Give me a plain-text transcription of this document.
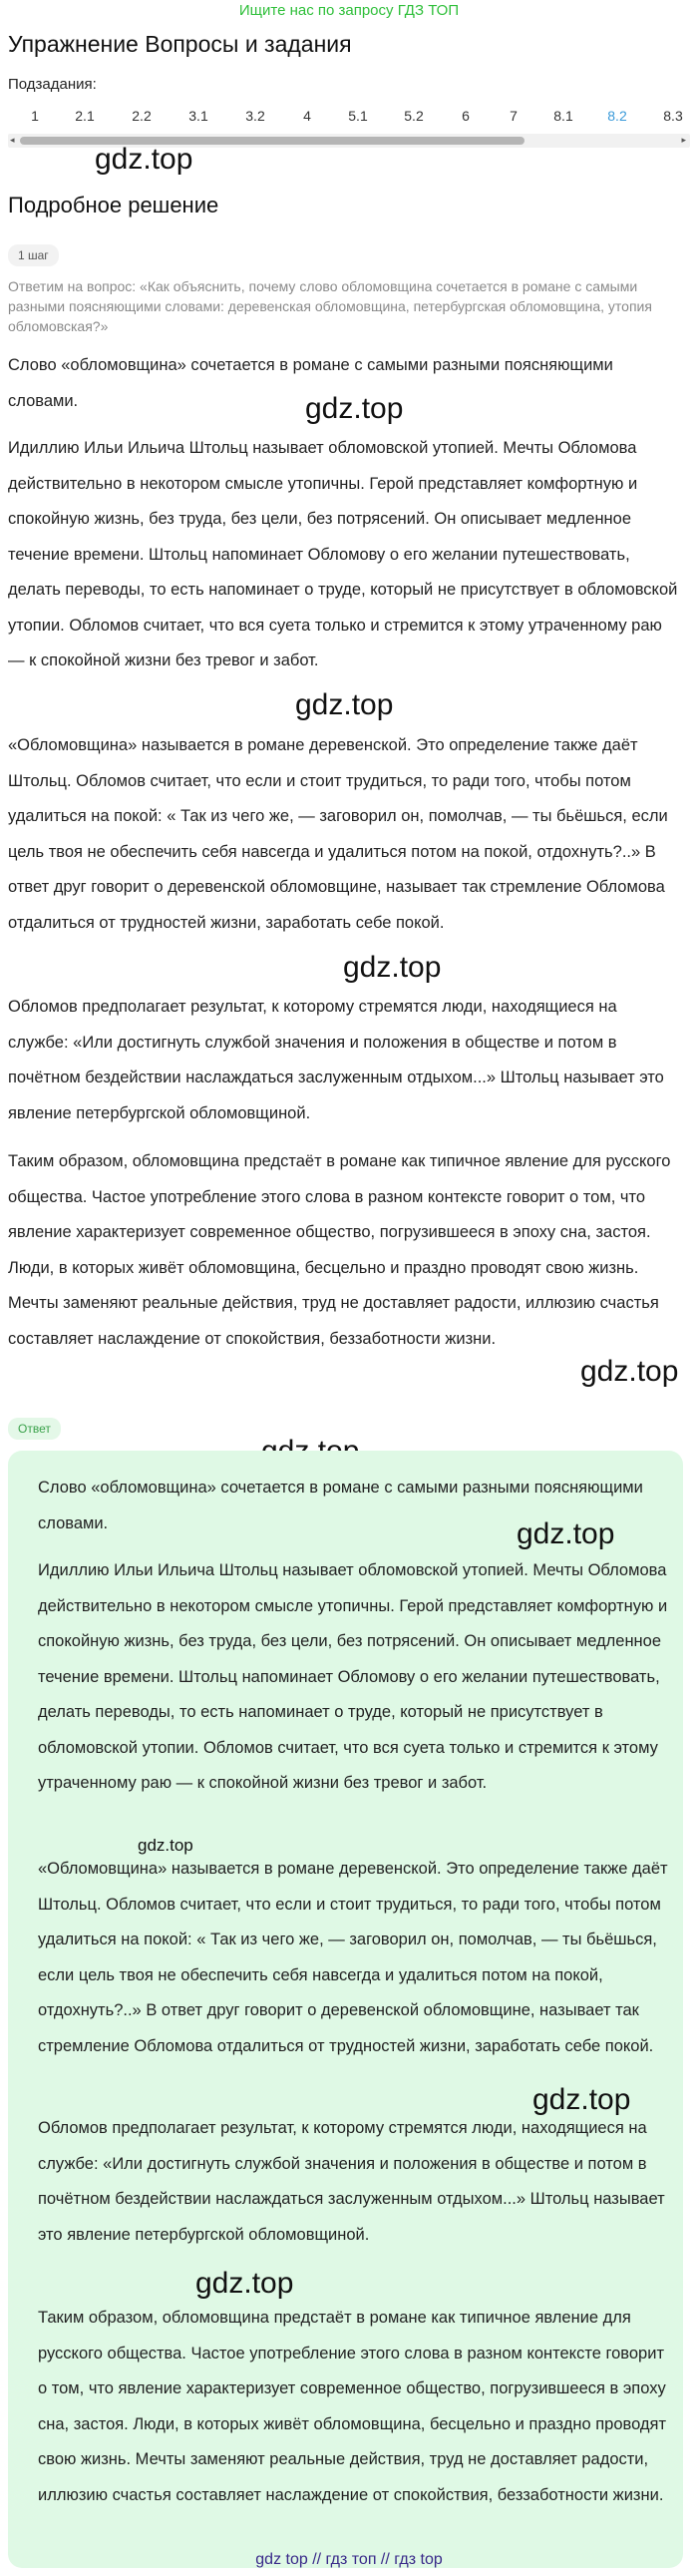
Ищите нас по запросу ГДЗ ТОП
Упражнение Вопросы и задания
Подзадания:
1	2.1	2.2	3.1	3.2	4	5.1	5.2	6	7	8.1	8.2	8.3
◂	▸
gdz.top
Подробное решение
1 шаг
Ответим на вопрос: «Как объяснить, почему слово обломовщина сочетается в романе с самыми разными поясняющими словами: деревенская обломовщина, петербургская обломовщина, утопия обломовская?»

Слово «обломовщина» сочетается в романе с самыми разными поясняющими словами.	gdz.top

Идиллию Ильи Ильича Штольц называет обломовской утопией. Мечты Обломова действительно в некотором смысле утопичны. Герой представляет комфортную и спокойную жизнь, без труда, без цели, без потрясений. Он описывает медленное течение времени. Штольц напоминает Обломову о его желании путешествовать, делать переводы, то есть напоминает о труде, который не присутствует в обломовской утопии. Обломов считает, что вся суета только и стремится к этому утраченному раю — к спокойной жизни без тревог и забот.

gdz.top

«Обломовщина» называется в романе деревенской. Это определение также даёт Штольц. Обломов считает, что если и стоит трудиться, то ради того, чтобы потом удалиться на покой: « Так из чего же, — заговорил он, помолчав, — ты бьёшься, если цель твоя не обеспечить себя навсегда и удалиться потом на покой, отдохнуть?..» В ответ друг говорит о деревенской обломовщине, называет так стремление Обломова отдалиться от трудностей жизни, заработать себе покой.

gdz.top

Обломов предполагает результат, к которому стремятся люди, находящиеся на службе: «Или достигнуть службой значения и положения в обществе и потом в почётном бездействии наслаждаться заслуженным отдыхом...» Штольц называет это явление петербургской обломовщиной.

Таким образом, обломовщина предстаёт в романе как типичное явление для русского общества. Частое употребление этого слова в разном контексте говорит о том, что явление характеризует современное общество, погрузившееся в эпоху сна, застоя. Люди, в которых живёт обломовщина, бесцельно и праздно проводят свою жизнь. Мечты заменяют реальные действия, труд не доставляет радости, иллюзию счастья составляет наслаждение от спокойствия, беззаботности жизни.

gdz.top
Ответ

Слово «обломовщина» сочетается в романе с самыми разными поясняющими словами.

Идиллию Ильи Ильича Штольц называет обломовской утопией. Мечты Обломова действительно в некотором смысле утопичны. Герой представляет комфортную и спокойную жизнь, без труда, без цели, без потрясений. Он описывает медленное течение времени. Штольц напоминает Обломову о его желании путешествовать, делать переводы, то есть напоминает о труде, который не присутствует в обломовской утопии. Обломов считает, что вся суета только и стремится к этому утраченному раю — к спокойной жизни без тревог и забот.

«Обломовщина» называется в романе деревенской. Это определение также даёт Штольц. Обломов считает, что если и стоит трудиться, то ради того, чтобы потом удалиться на покой: « Так из чего же, — заговорил он, помолчав, — ты бьёшься, если цель твоя не обеспечить себя навсегда и удалиться потом на покой, отдохнуть?..» В ответ друг говорит о деревенской обломовщине, называет так стремление Обломова отдалиться от трудностей жизни, заработать себе покой.

Обломов предполагает результат, к которому стремятся люди, находящиеся на службе: «Или достигнуть службой значения и положения в обществе и потом в почётном бездействии наслаждаться заслуженным отдыхом...» Штольц называет это явление петербургской обломовщиной.

Таким образом, обломовщина предстаёт в романе как типичное явление для русского общества. Частое употребление этого слова в разном контексте говорит о том, что явление характеризует современное общество, погрузившееся в эпоху сна, застоя. Люди, в которых живёт обломовщина, бесцельно и праздно проводят свою жизнь. Мечты заменяют реальные действия, труд не доставляет радости, иллюзию счастья составляет наслаждение от спокойствия, беззаботности жизни.

gdz.top
gdz.top
gdz.top
gdz.top
gdz top // гдз топ // гдз top
